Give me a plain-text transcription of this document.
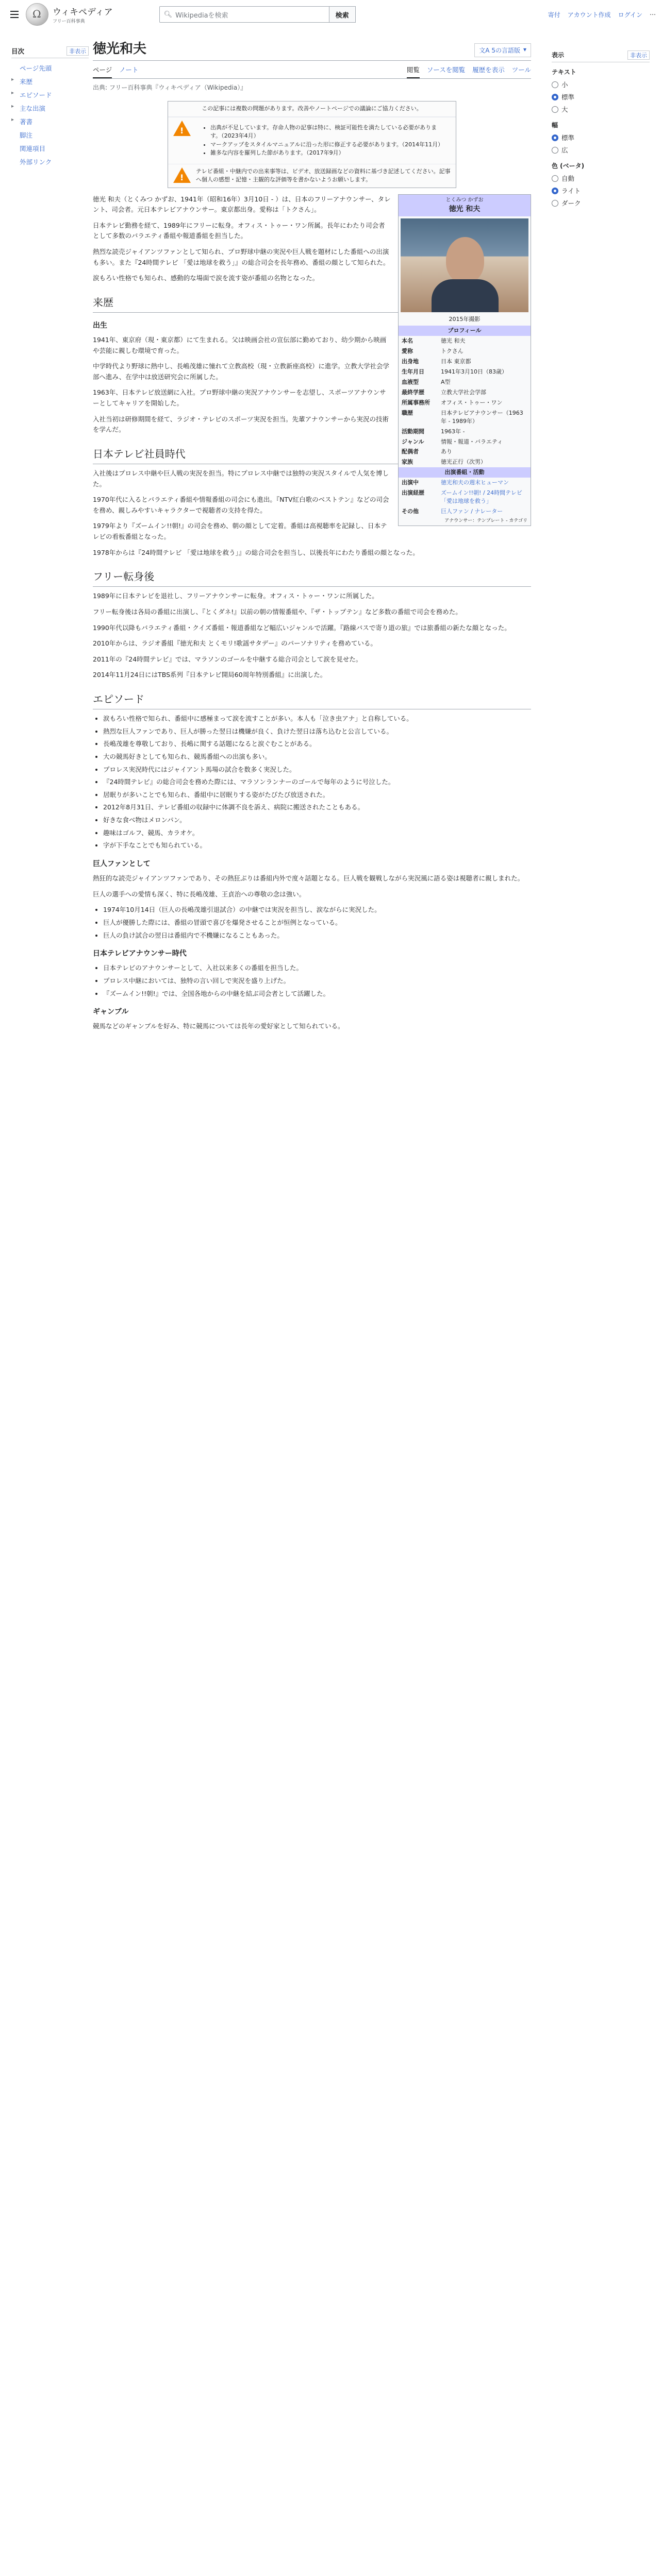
Ω
ウィキペディア
フリー百科事典
🔍︎ Wikipediaを検索	検索	寄付 アカウント作成 ログイン ⋯
目次	非表示
ページ先頭
▸ 来歴
▸ エピソード
▸ 主な出演
▸ 著書
脚注
関連項目
外部リンク
徳光和夫	文A 5の言語版 ▾
ページ ノート	閲覧 ソースを閲覧 履歴を表示 ツール
出典: フリー百科事典『ウィキペディア（Wikipedia）』
表示	非表示
テキスト
小
標準
大
幅
標準
広
色 (ベータ)
自動
ライト
ダーク
この記事には複数の問題があります。改善やノートページでの議論にご協力ください。
!
• 出典が不足しています。存命人物の記事は特に、検証可能性を満たしている必要があります。（2023年4月）
• マークアップをスタイルマニュアルに沿った形に修正する必要があります。（2014年11月）
• 雑多な内容を羅列した節があります。（2017年9月）
!
テレビ番組・中継内での出来事等は、ビデオ、放送録画などの資料に基づき記述してください。記事へ個人の感想・記憶・主観的な評価等を書かないようお願いします。
とくみつ かずお
徳光 和夫
2015年撮影
プロフィール
本名	徳光 和夫
愛称	トクさん
出身地	日本 東京都
生年月日	1941年3月10日（83歳）
血液型	A型
最終学歴	立教大学社会学部
所属事務所	オフィス・トゥー・ワン
職歴	日本テレビアナウンサー（1963年 - 1989年）
活動期間	1963年 -
ジャンル	情報・報道・バラエティ
配偶者	あり
家族	徳光正行（次男）
出演番組・活動
出演中	徳光和夫の週末ヒューマン
出演経歴	ズームイン!!朝! / 24時間テレビ 「愛は地球を救う」
その他	巨人ファン / ナレーター
アナウンサー：テンプレート - カテゴリ

徳光 和夫（とくみつ かずお、1941年（昭和16年）3月10日 - ）は、日本のフリーアナウンサー、タレント、司会者。元日本テレビアナウンサー。東京都出身。愛称は「トクさん」。

日本テレビ勤務を経て、1989年にフリーに転身。オフィス・トゥー・ワン所属。長年にわたり司会者として多数のバラエティ番組や報道番組を担当した。

熱烈な読売ジャイアンツファンとして知られ、プロ野球中継の実況や巨人戦を題材にした番組への出演も多い。また『24時間テレビ 「愛は地球を救う」』の総合司会を長年務め、番組の顔として知られた。

涙もろい性格でも知られ、感動的な場面で涙を流す姿が番組の名物となった。

来歴
出生

1941年、東京府（現・東京都）にて生まれる。父は映画会社の宣伝部に勤めており、幼少期から映画や芸能に親しむ環境で育った。

中学時代より野球に熱中し、長嶋茂雄に憧れて立教高校（現・立教新座高校）に進学。立教大学社会学部へ進み、在学中は放送研究会に所属した。

1963年、日本テレビ放送網に入社。プロ野球中継の実況アナウンサーを志望し、スポーツアナウンサーとしてキャリアを開始した。

入社当初は研修期間を経て、ラジオ・テレビのスポーツ実況を担当。先輩アナウンサーから実況の技術を学んだ。

日本テレビ社員時代

入社後はプロレス中継や巨人戦の実況を担当。特にプロレス中継では独特の実況スタイルで人気を博した。

1970年代に入るとバラエティ番組や情報番組の司会にも進出。『NTV紅白歌のベストテン』などの司会を務め、親しみやすいキャラクターで視聴者の支持を得た。

1979年より『ズームイン!!朝!』の司会を務め、朝の顔として定着。番組は高視聴率を記録し、日本テレビの看板番組となった。

1978年からは『24時間テレビ 「愛は地球を救う」』の総合司会を担当し、以後長年にわたり番組の顔となった。

フリー転身後

1989年に日本テレビを退社し、フリーアナウンサーに転身。オフィス・トゥー・ワンに所属した。

フリー転身後は各局の番組に出演し、『とくダネ!』以前の朝の情報番組や、『ザ・トップテン』など多数の番組で司会を務めた。

1990年代以降もバラエティ番組・クイズ番組・報道番組など幅広いジャンルで活躍。『路線バスで寄り道の旅』では旅番組の新たな顔となった。

2010年からは、ラジオ番組『徳光和夫 とくモリ!歌謡サタデー』のパーソナリティを務めている。

2011年の『24時間テレビ』では、マラソンのゴールを中継する総合司会として涙を見せた。

2014年11月24日にはTBS系列『日本テレビ開局60周年特別番組』に出演した。

エピソード
• 涙もろい性格で知られ、番組中に感極まって涙を流すことが多い。本人も「泣き虫アナ」と自称している。
• 熱烈な巨人ファンであり、巨人が勝った翌日は機嫌が良く、負けた翌日は落ち込むと公言している。
• 長嶋茂雄を尊敬しており、長嶋に関する話題になると涙ぐむことがある。
• 大の競馬好きとしても知られ、競馬番組への出演も多い。
• プロレス実況時代にはジャイアント馬場の試合を数多く実況した。
• 『24時間テレビ』の総合司会を務めた際には、マラソンランナーのゴールで毎年のように号泣した。
• 居眠りが多いことでも知られ、番組中に居眠りする姿がたびたび放送された。
• 2012年8月31日、テレビ番組の収録中に体調不良を訴え、病院に搬送されたこともある。
• 好きな食べ物はメロンパン。
• 趣味はゴルフ、競馬、カラオケ。
• 字が下手なことでも知られている。
巨人ファンとして

熱狂的な読売ジャイアンツファンであり、その熱狂ぶりは番組内外で度々話題となる。巨人戦を観戦しながら実況風に語る姿は視聴者に親しまれた。

巨人の選手への愛情も深く、特に長嶋茂雄、王貞治への尊敬の念は強い。

• 1974年10月14日（巨人の長嶋茂雄引退試合）の中継では実況を担当し、涙ながらに実況した。
• 巨人が優勝した際には、番組の冒頭で喜びを爆発させることが恒例となっている。
• 巨人の負け試合の翌日は番組内で不機嫌になることもあった。
日本テレビアナウンサー時代
• 日本テレビのアナウンサーとして、入社以来多くの番組を担当した。
• プロレス中継においては、独特の言い回しで実況を盛り上げた。
• 『ズームイン!!朝!』では、全国各地からの中継を結ぶ司会者として活躍した。
ギャンブル

競馬などのギャンブルを好み、特に競馬については長年の愛好家として知られている。
